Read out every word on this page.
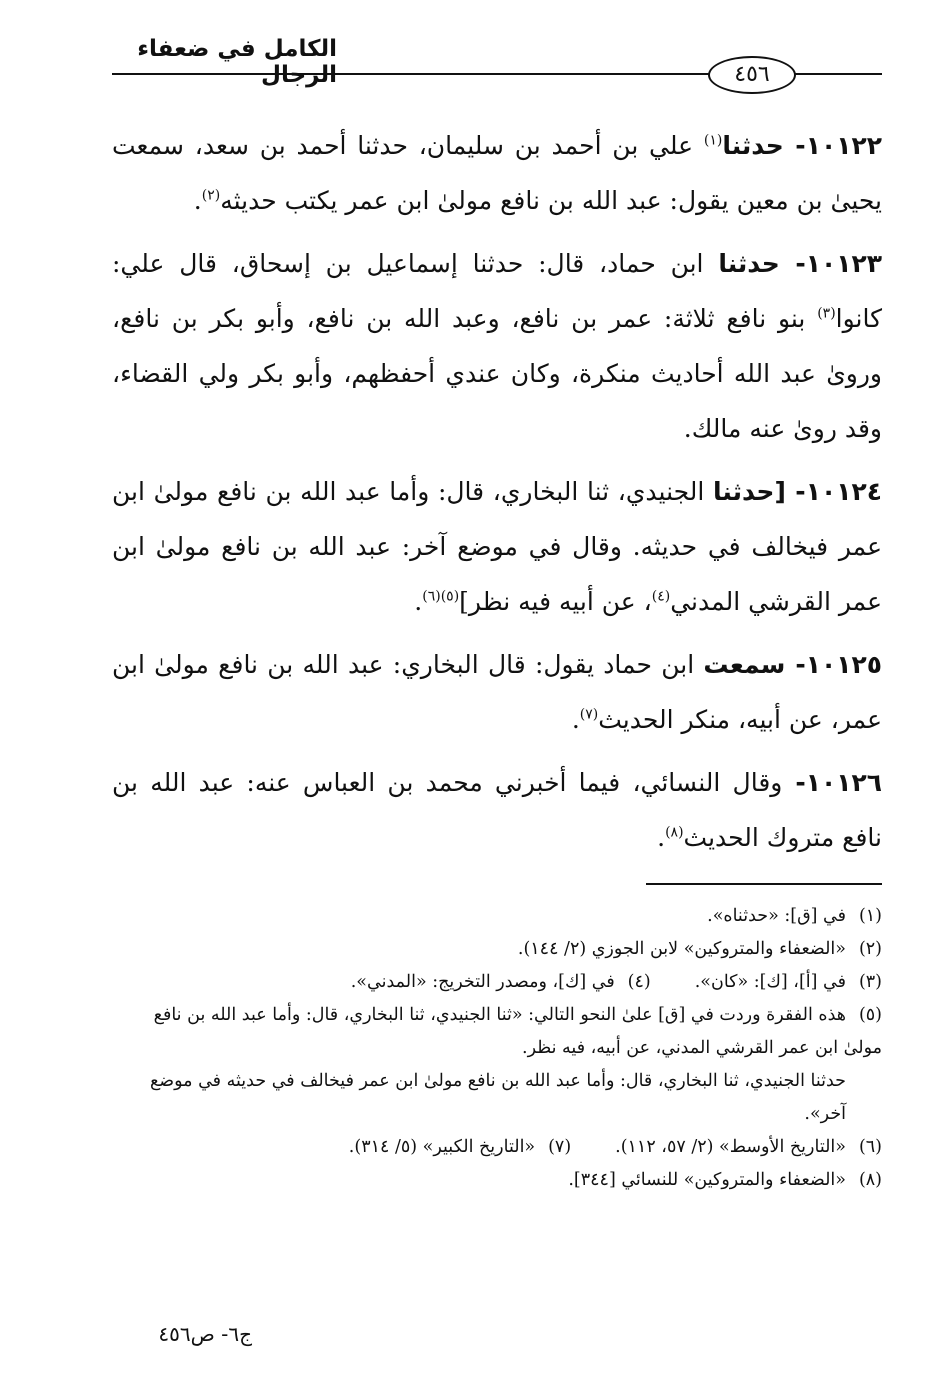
الكامل في ضعفاء الرجال	٤٥٦

١٠١٢٢- حدثنا$^{(١)}$ علي بن أحمد بن سليمان، حدثنا أحمد بن سعد، سمعت يحيىٰ بن معين يقول: عبد الله بن نافع مولىٰ ابن عمر يكتب حديثه$^{(٢)}$.

١٠١٢٣- حدثنا ابن حماد، قال: حدثنا إسماعيل بن إسحاق، قال علي: كانوا$^{(٣)}$ بنو نافع ثلاثة: عمر بن نافع، وعبد الله بن نافع، وأبو بكر بن نافع، وروىٰ عبد الله أحاديث منكرة، وكان عندي أحفظهم، وأبو بكر ولي القضاء، وقد روىٰ عنه مالك.

١٠١٢٤- [حدثنا الجنيدي، ثنا البخاري، قال: وأما عبد الله بن نافع مولىٰ ابن عمر فيخالف في حديثه. وقال في موضع آخر: عبد الله بن نافع مولىٰ ابن عمر القرشي المدني$^{(٤)}$، عن أبيه فيه نظر]$^{(٥)(٦)}$.

١٠١٢٥- سمعت ابن حماد يقول: قال البخاري: عبد الله بن نافع مولىٰ ابن عمر، عن أبيه، منكر الحديث$^{(٧)}$.

١٠١٢٦- وقال النسائي، فيما أخبرني محمد بن العباس عنه: عبد الله بن نافع متروك الحديث$^{(٨)}$.

(١)في [ق]: «حدثناه».

(٢)«الضعفاء والمتروكين» لابن الجوزي (٢/ ١٤٤).

(٣)في [أ]، [ك]: «كان».

(٤)في [ك]، ومصدر التخريج: «المدني».

(٥)هذه الفقرة وردت في [ق] علىٰ النحو التالي: «ثنا الجنيدي، ثنا البخاري، قال: وأما عبد الله بن نافع مولىٰ ابن عمر القرشي المدني، عن أبيه، فيه نظر.

حدثنا الجنيدي، ثنا البخاري، قال: وأما عبد الله بن نافع مولىٰ ابن عمر فيخالف في حديثه في موضع آخر».

(٦)«التاريخ الأوسط» (٢/ ٥٧، ١١٢).

(٧)«التاريخ الكبير» (٥/ ٣١٤).

(٨)«الضعفاء والمتروكين» للنسائي [٣٤٤].

ج٦- ص٤٥٦
